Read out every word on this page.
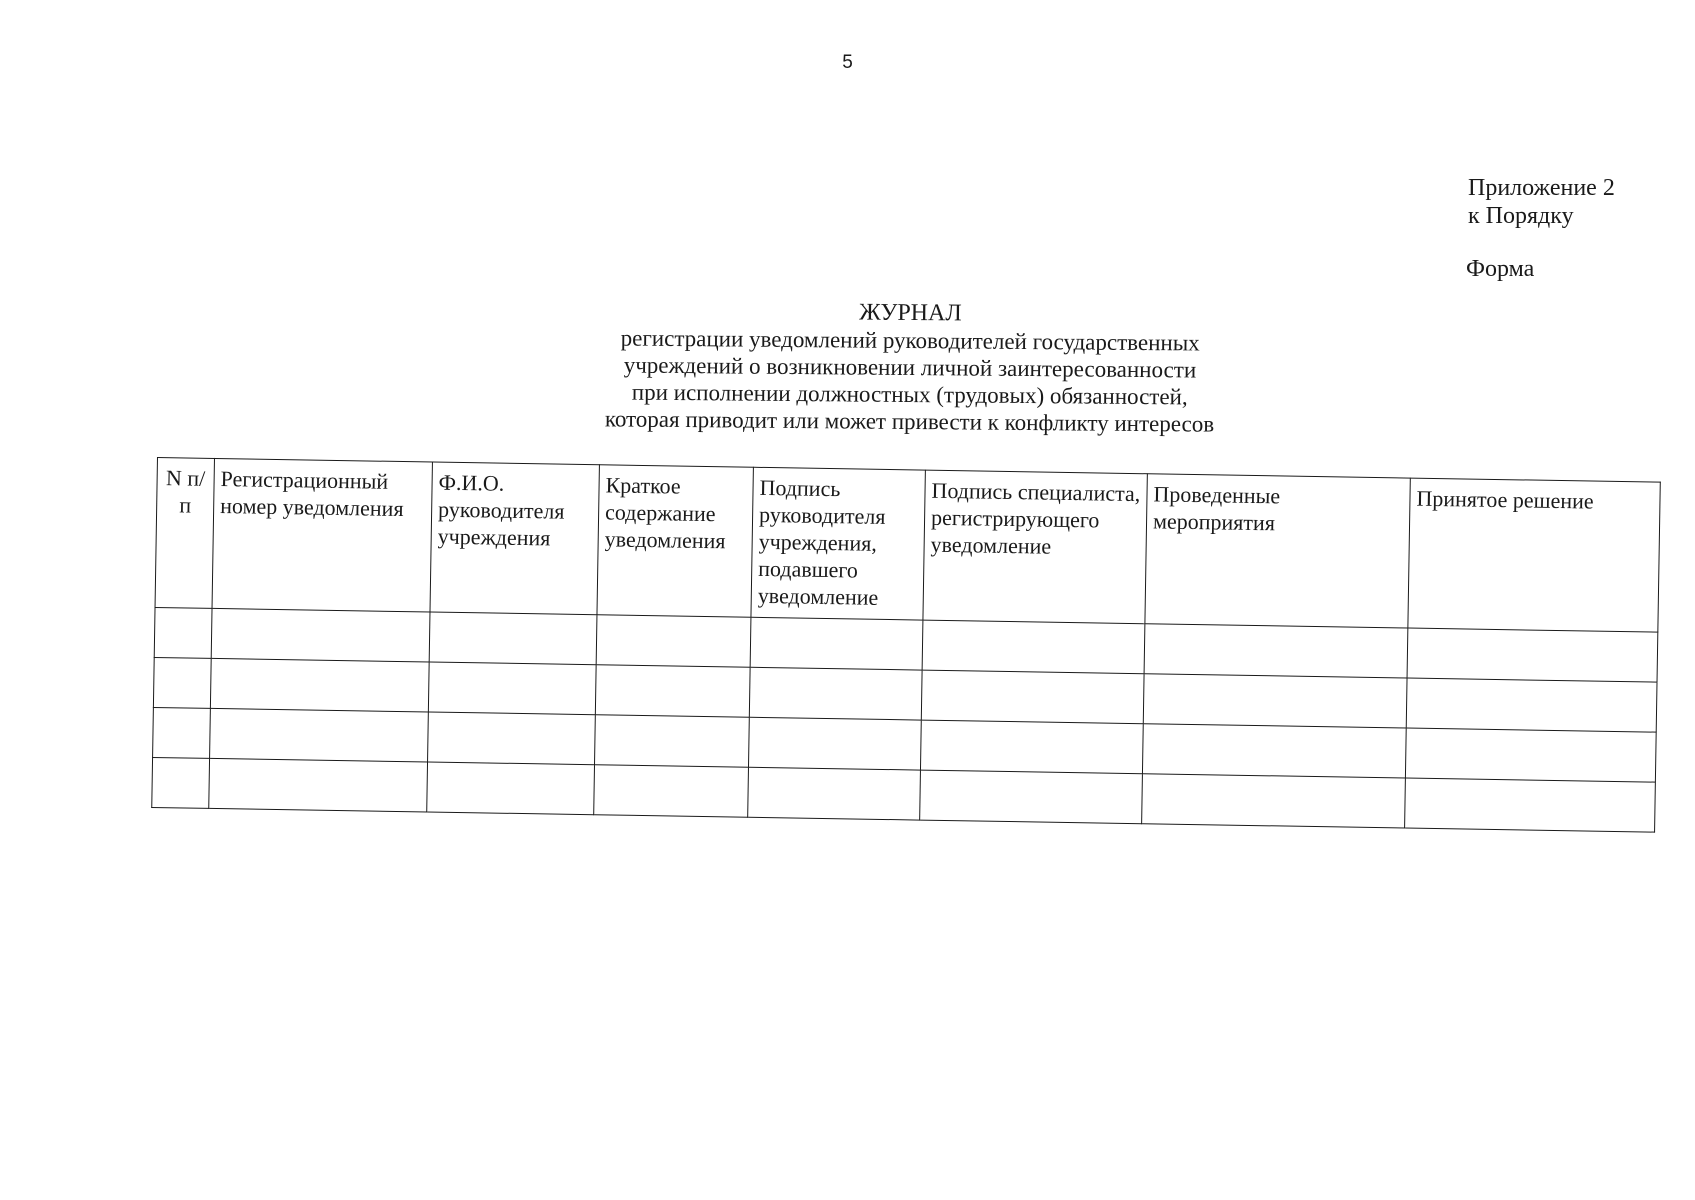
5
Приложение 2
к Порядку
Форма
ЖУРНАЛ
регистрации уведомлений руководителей государственных
учреждений о возникновении личной заинтересованности
при исполнении должностных (трудовых) обязанностей,
которая приводит или может привести к конфликту интересов
N п/п	Регистрационный номер уведомления	Ф.И.О. руководителя учреждения	Краткое содержание уведомления	Подпись руководителя учреждения, подавшего уведомление	Подпись специалиста, регистрирующего уведомление	Проведенные мероприятия	Принятое решение
